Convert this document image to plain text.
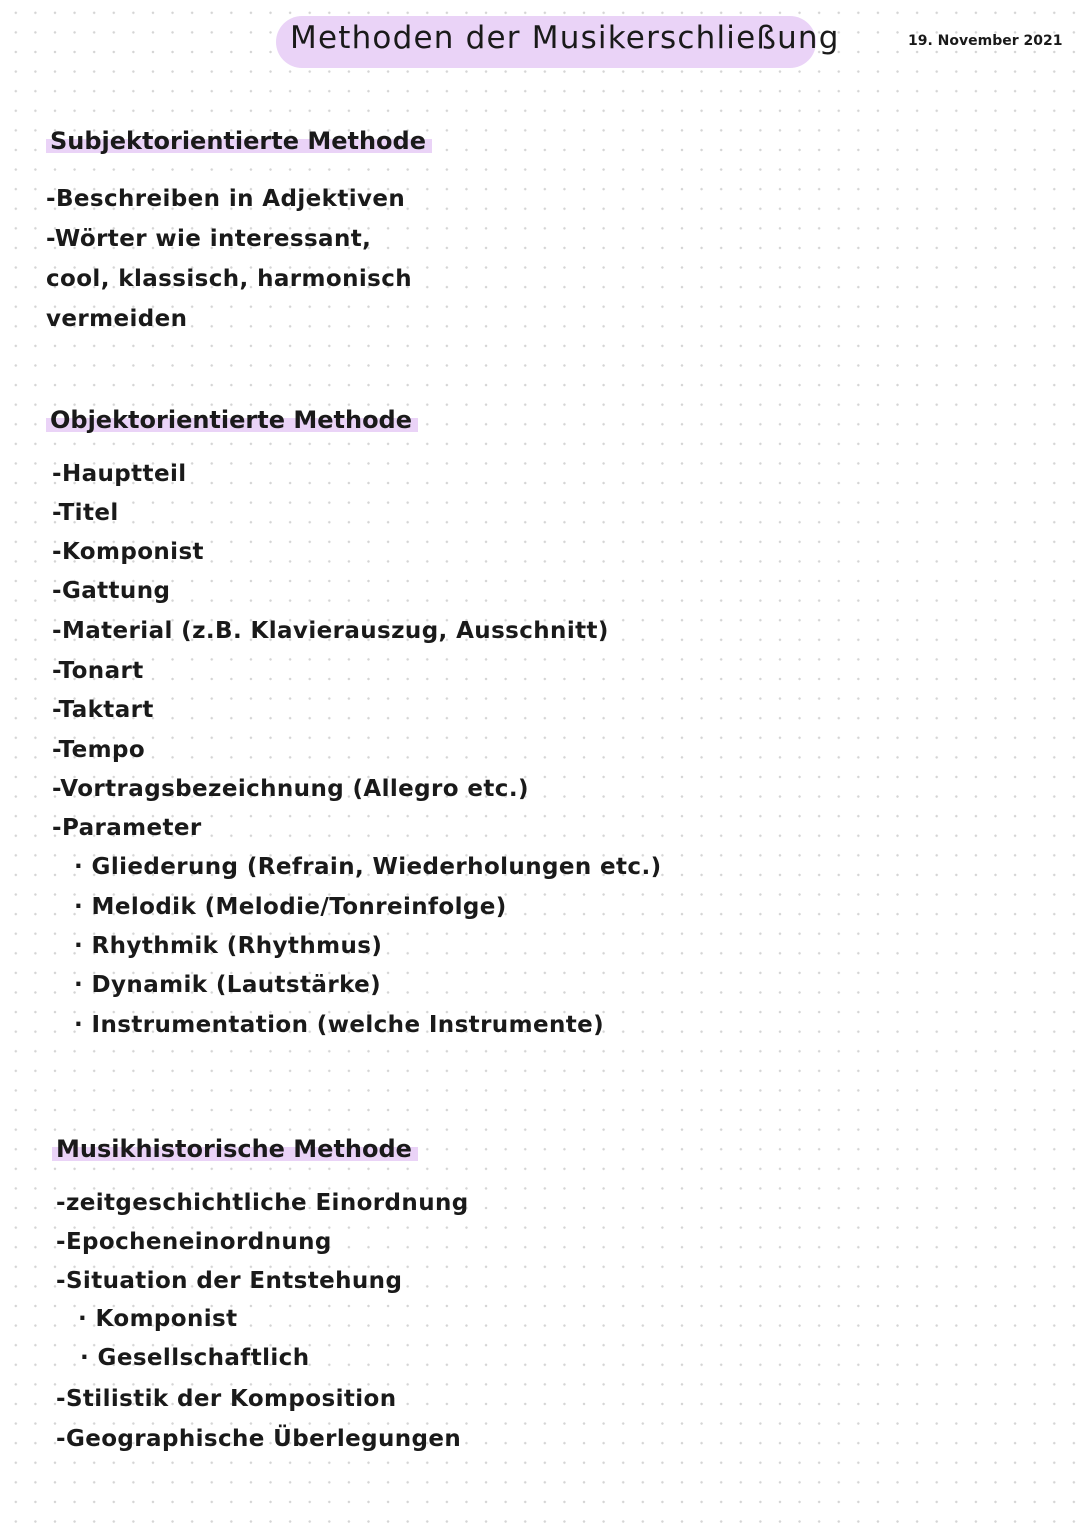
Methoden der Musikerschließung	19. November 2021
Subjektorientierte Methode
-Beschreiben in Adjektiven
-Wörter wie interessant,
cool, klassisch, harmonisch
vermeiden
Objektorientierte Methode
-Hauptteil
-Titel
-Komponist
-Gattung
-Material (z.B. Klavierauszug, Ausschnitt)
-Tonart
-Taktart
-Tempo
-Vortragsbezeichnung (Allegro etc.)
-Parameter
· Gliederung (Refrain, Wiederholungen etc.)
· Melodik (Melodie/Tonreinfolge)
· Rhythmik (Rhythmus)
· Dynamik (Lautstärke)
· Instrumentation (welche Instrumente)
Musikhistorische Methode
-zeitgeschichtliche Einordnung
-Epocheneinordnung
-Situation der Entstehung
· Komponist
· Gesellschaftlich
-Stilistik der Komposition
-Geographische Überlegungen
